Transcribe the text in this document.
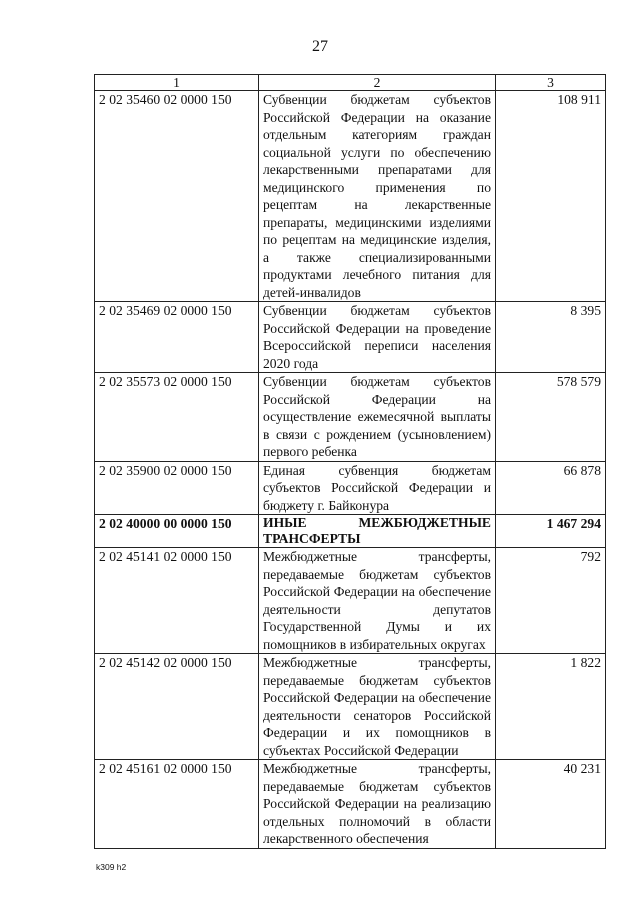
27
1	2	3
2 02 35460 02 0000 150	Субвенции бюджетам субъектов Российской Федерации на оказание отдельным категориям граждан социальной услуги по обеспечению лекарственными препаратами для медицинского применения по рецептам на лекарственные препараты, медицинскими изделиями по рецептам на медицинские изделия, а также специализированными продуктами лечебного питания для детей-инвалидов	108 911
2 02 35469 02 0000 150	Субвенции бюджетам субъектов Российской Федерации на проведение Всероссийской переписи населения 2020 года	8 395
2 02 35573 02 0000 150	Субвенции бюджетам субъектов Российской Федерации на осуществление ежемесячной выплаты в связи с рождением (усыновлением) первого ребенка	578 579
2 02 35900 02 0000 150	Единая субвенция бюджетам субъектов Российской Федерации и бюджету г. Байконура	66 878
2 02 40000 00 0000 150	ИНЫЕ МЕЖБЮДЖЕТНЫЕ ТРАНСФЕРТЫ	1 467 294
2 02 45141 02 0000 150	Межбюджетные трансферты, передаваемые бюджетам субъектов Российской Федерации на обеспечение деятельности депутатов Государственной Думы и их помощников в избирательных округах	792
2 02 45142 02 0000 150	Межбюджетные трансферты, передаваемые бюджетам субъектов Российской Федерации на обеспечение деятельности сенаторов Российской Федерации и их помощников в субъектах Российской Федерации	1 822
2 02 45161 02 0000 150	Межбюджетные трансферты, передаваемые бюджетам субъектов Российской Федерации на реализацию отдельных полномочий в области лекарственного обеспечения	40 231
k309 h2
